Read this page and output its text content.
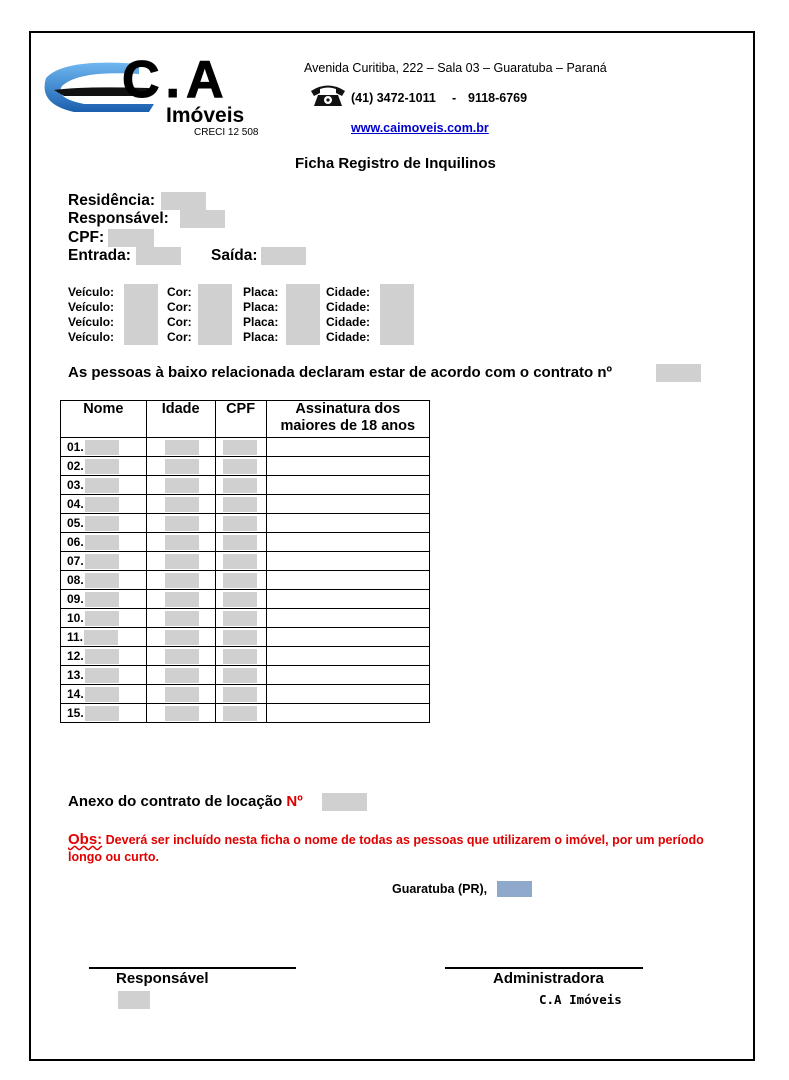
C.A
Imóveis
CRECI 12 508
Avenida Curitiba, 222 – Sala 03 – Guaratuba – Paraná
(41) 3472-1011 - 9118-6769
www.caimoveis.com.br
Ficha Registro de Inquilinos
Residência:
Responsável:
CPF:
Entrada:	Saída:
Veículo:	Cor:	Placa:	Cidade:
Veículo:	Cor:	Placa:	Cidade:
Veículo:	Cor:	Placa:	Cidade:
Veículo:	Cor:	Placa:	Cidade:
As pessoas à baixo relacionada declaram estar de acordo com o contrato nº
Nome	Idade	CPF	Assinatura dos maiores de 18 anos
01.			
02.			
03.			
04.			
05.			
06.			
07.			
08.			
09.			
10.			
11.			
12.			
13.			
14.			
15.			
Anexo do contrato de locação Nº
Obs: Deverá ser incluído nesta ficha o nome de todas as pessoas que utilizarem o imóvel, por um período longo ou curto.
Guaratuba (PR),
Responsável	Administradora
C.A Imóveis
